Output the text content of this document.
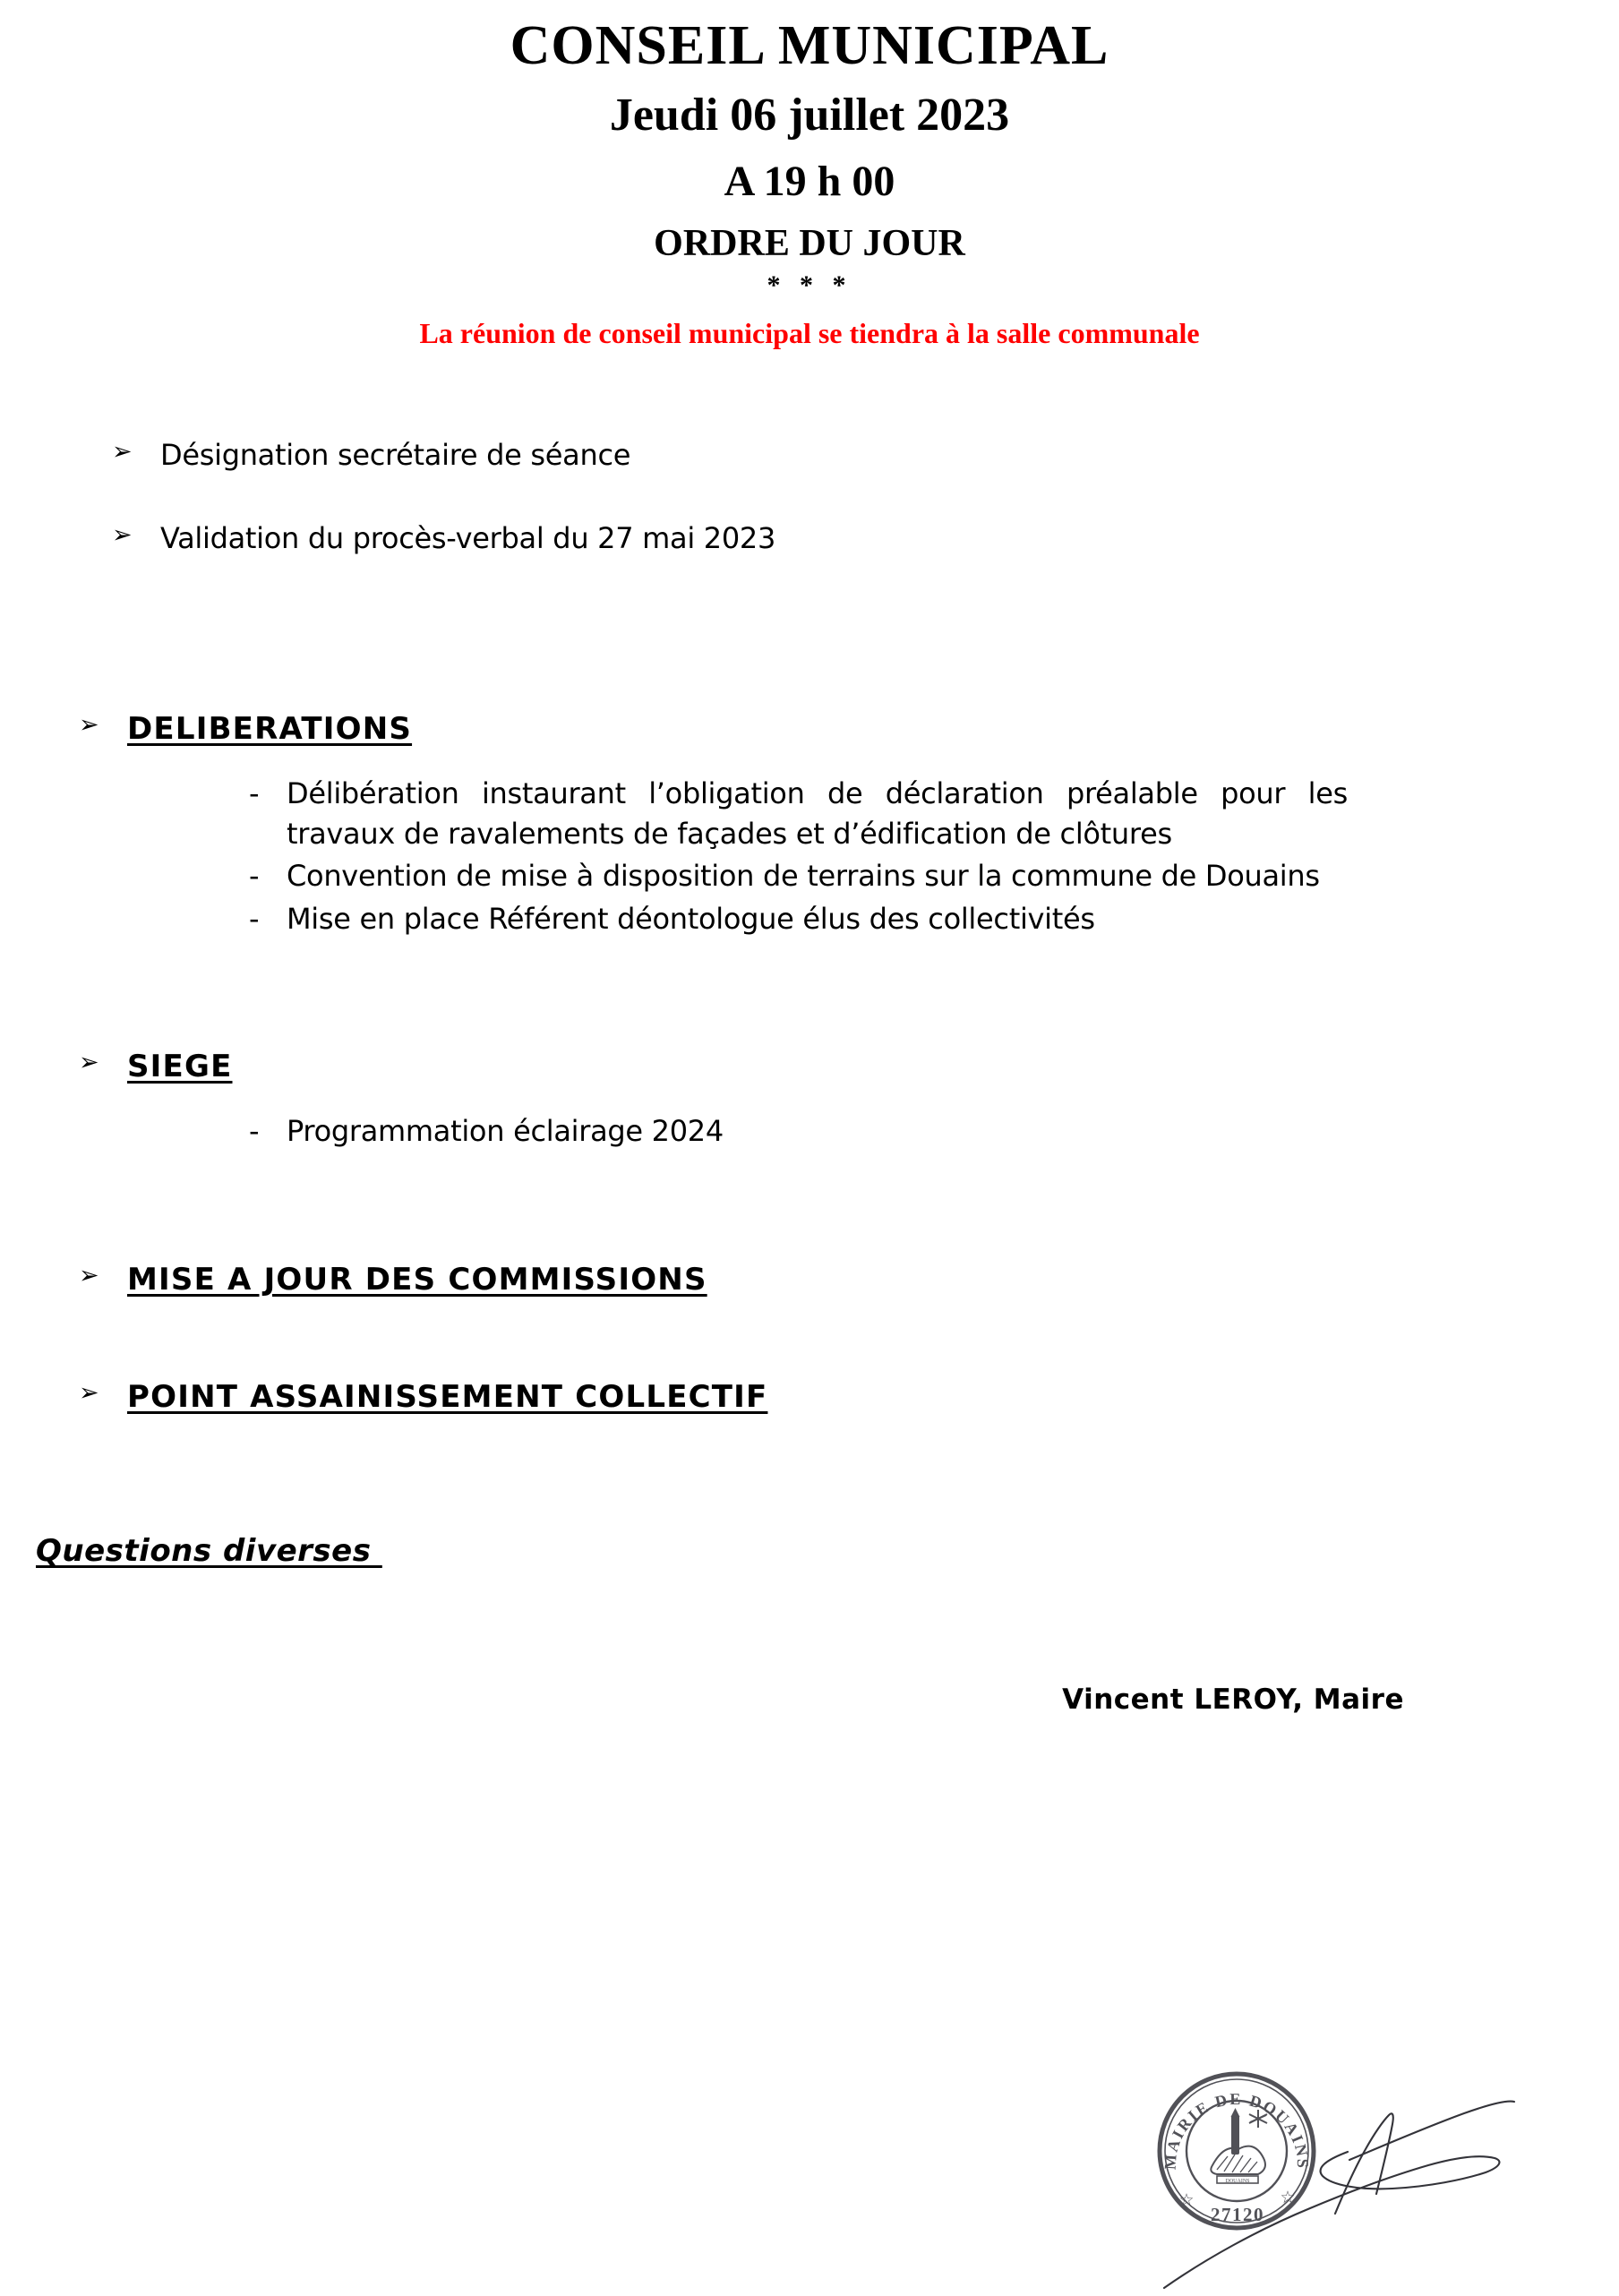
CONSEIL MUNICIPAL
Jeudi 06 juillet 2023
A 19 h 00
ORDRE DU JOUR
* * *
La réunion de conseil municipal se tiendra à la salle communale
➢ Désignation secrétaire de séance
➢ Validation du procès-verbal du 27 mai 2023
➢ DELIBERATIONS
- Délibération instaurant l’obligation de déclaration préalable pour les travaux de ravalements de façades et d’édification de clôtures
- Convention de mise à disposition de terrains sur la commune de Douains
- Mise en place Référent déontologue élus des collectivités
➢ SIEGE
- Programmation éclairage 2024
➢ MISE A JOUR DES COMMISSIONS
➢ POINT ASSAINISSEMENT COLLECTIF
Questions diverses
Vincent LEROY, Maire
MAIRIE DE DOUAINS
DOUAINS
☆	☆
27120
